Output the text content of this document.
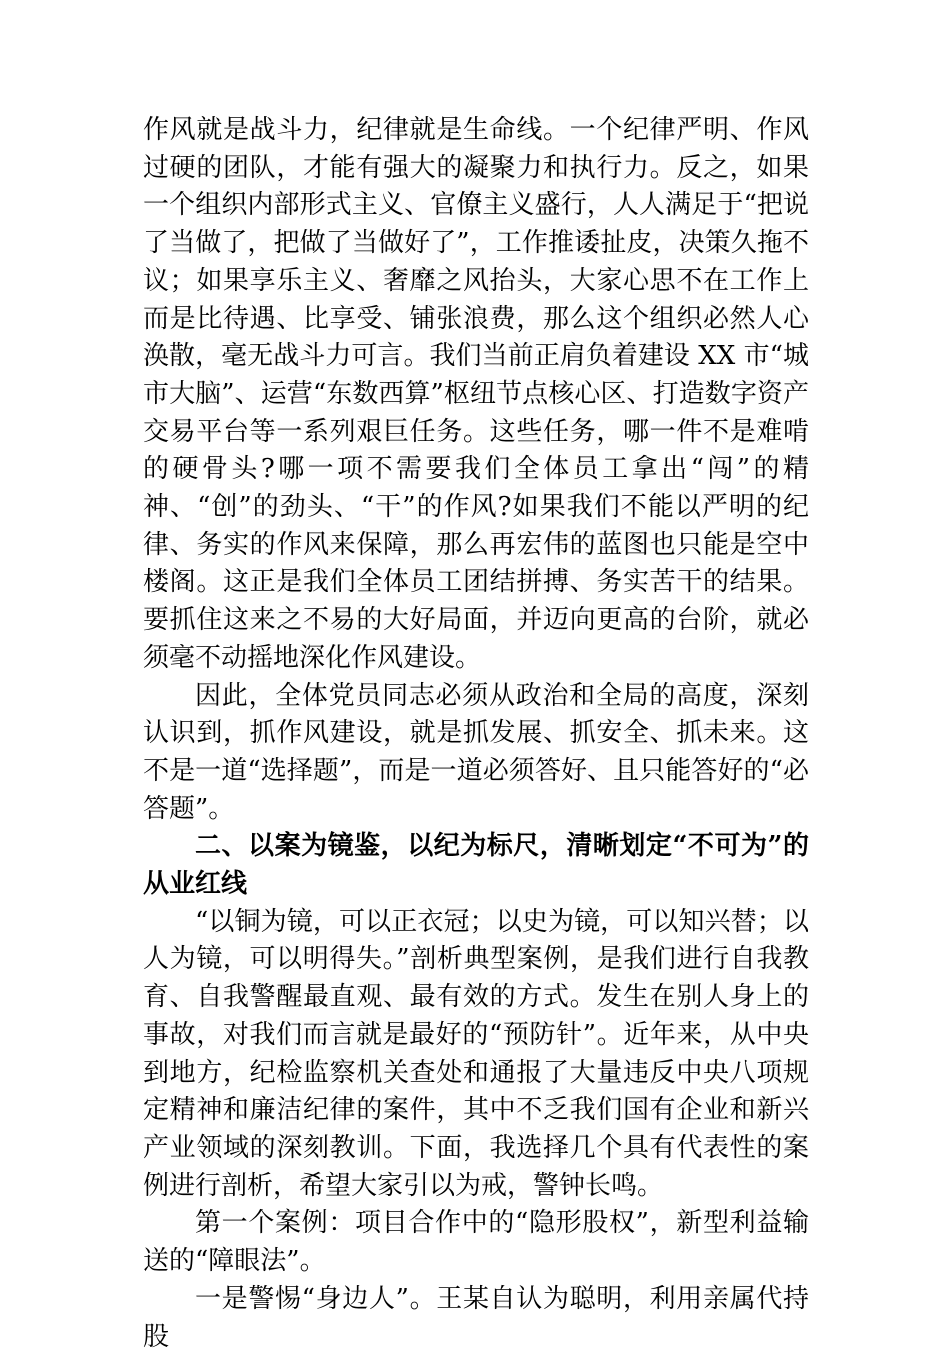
作风就是战斗力，纪律就是生命线。一个纪律严明、作风过硬的团队，才能有强大的凝聚力和执行力。反之，如果一个组织内部形式主义、官僚主义盛行，人人满足于“把说了当做了，把做了当做好了”，工作推诿扯皮，决策久拖不议；如果享乐主义、奢靡之风抬头，大家心思不在工作上而是比待遇、比享受、铺张浪费，那么这个组织必然人心涣散，毫无战斗力可言。我们当前正肩负着建设 XX 市“城市大脑”、运营“东数西算”枢纽节点核心区、打造数字资产交易平台等一系列艰巨任务。这些任务，哪一件不是难啃的硬骨头?哪一项不需要我们全体员工拿出“闯”的精神、“创”的劲头、“干”的作风?如果我们不能以严明的纪律、务实的作风来保障，那么再宏伟的蓝图也只能是空中楼阁。这正是我们全体员工团结拼搏、务实苦干的结果。要抓住这来之不易的大好局面，并迈向更高的台阶，就必须毫不动摇地深化作风建设。

因此，全体党员同志必须从政治和全局的高度，深刻认识到，抓作风建设，就是抓发展、抓安全、抓未来。这不是一道“选择题”，而是一道必须答好、且只能答好的“必答题”。

二、以案为镜鉴，以纪为标尺，清晰划定“不可为”的从业红线

“以铜为镜，可以正衣冠；以史为镜，可以知兴替；以人为镜，可以明得失。”剖析典型案例，是我们进行自我教育、自我警醒最直观、最有效的方式。发生在别人身上的事故，对我们而言就是最好的“预防针”。近年来，从中央到地方，纪检监察机关查处和通报了大量违反中央八项规定精神和廉洁纪律的案件，其中不乏我们国有企业和新兴产业领域的深刻教训。下面，我选择几个具有代表性的案例进行剖析，希望大家引以为戒，警钟长鸣。

第一个案例：项目合作中的“隐形股权”，新型利益输送的“障眼法”。

一是警惕“身边人”。王某自认为聪明，利用亲属代持股
